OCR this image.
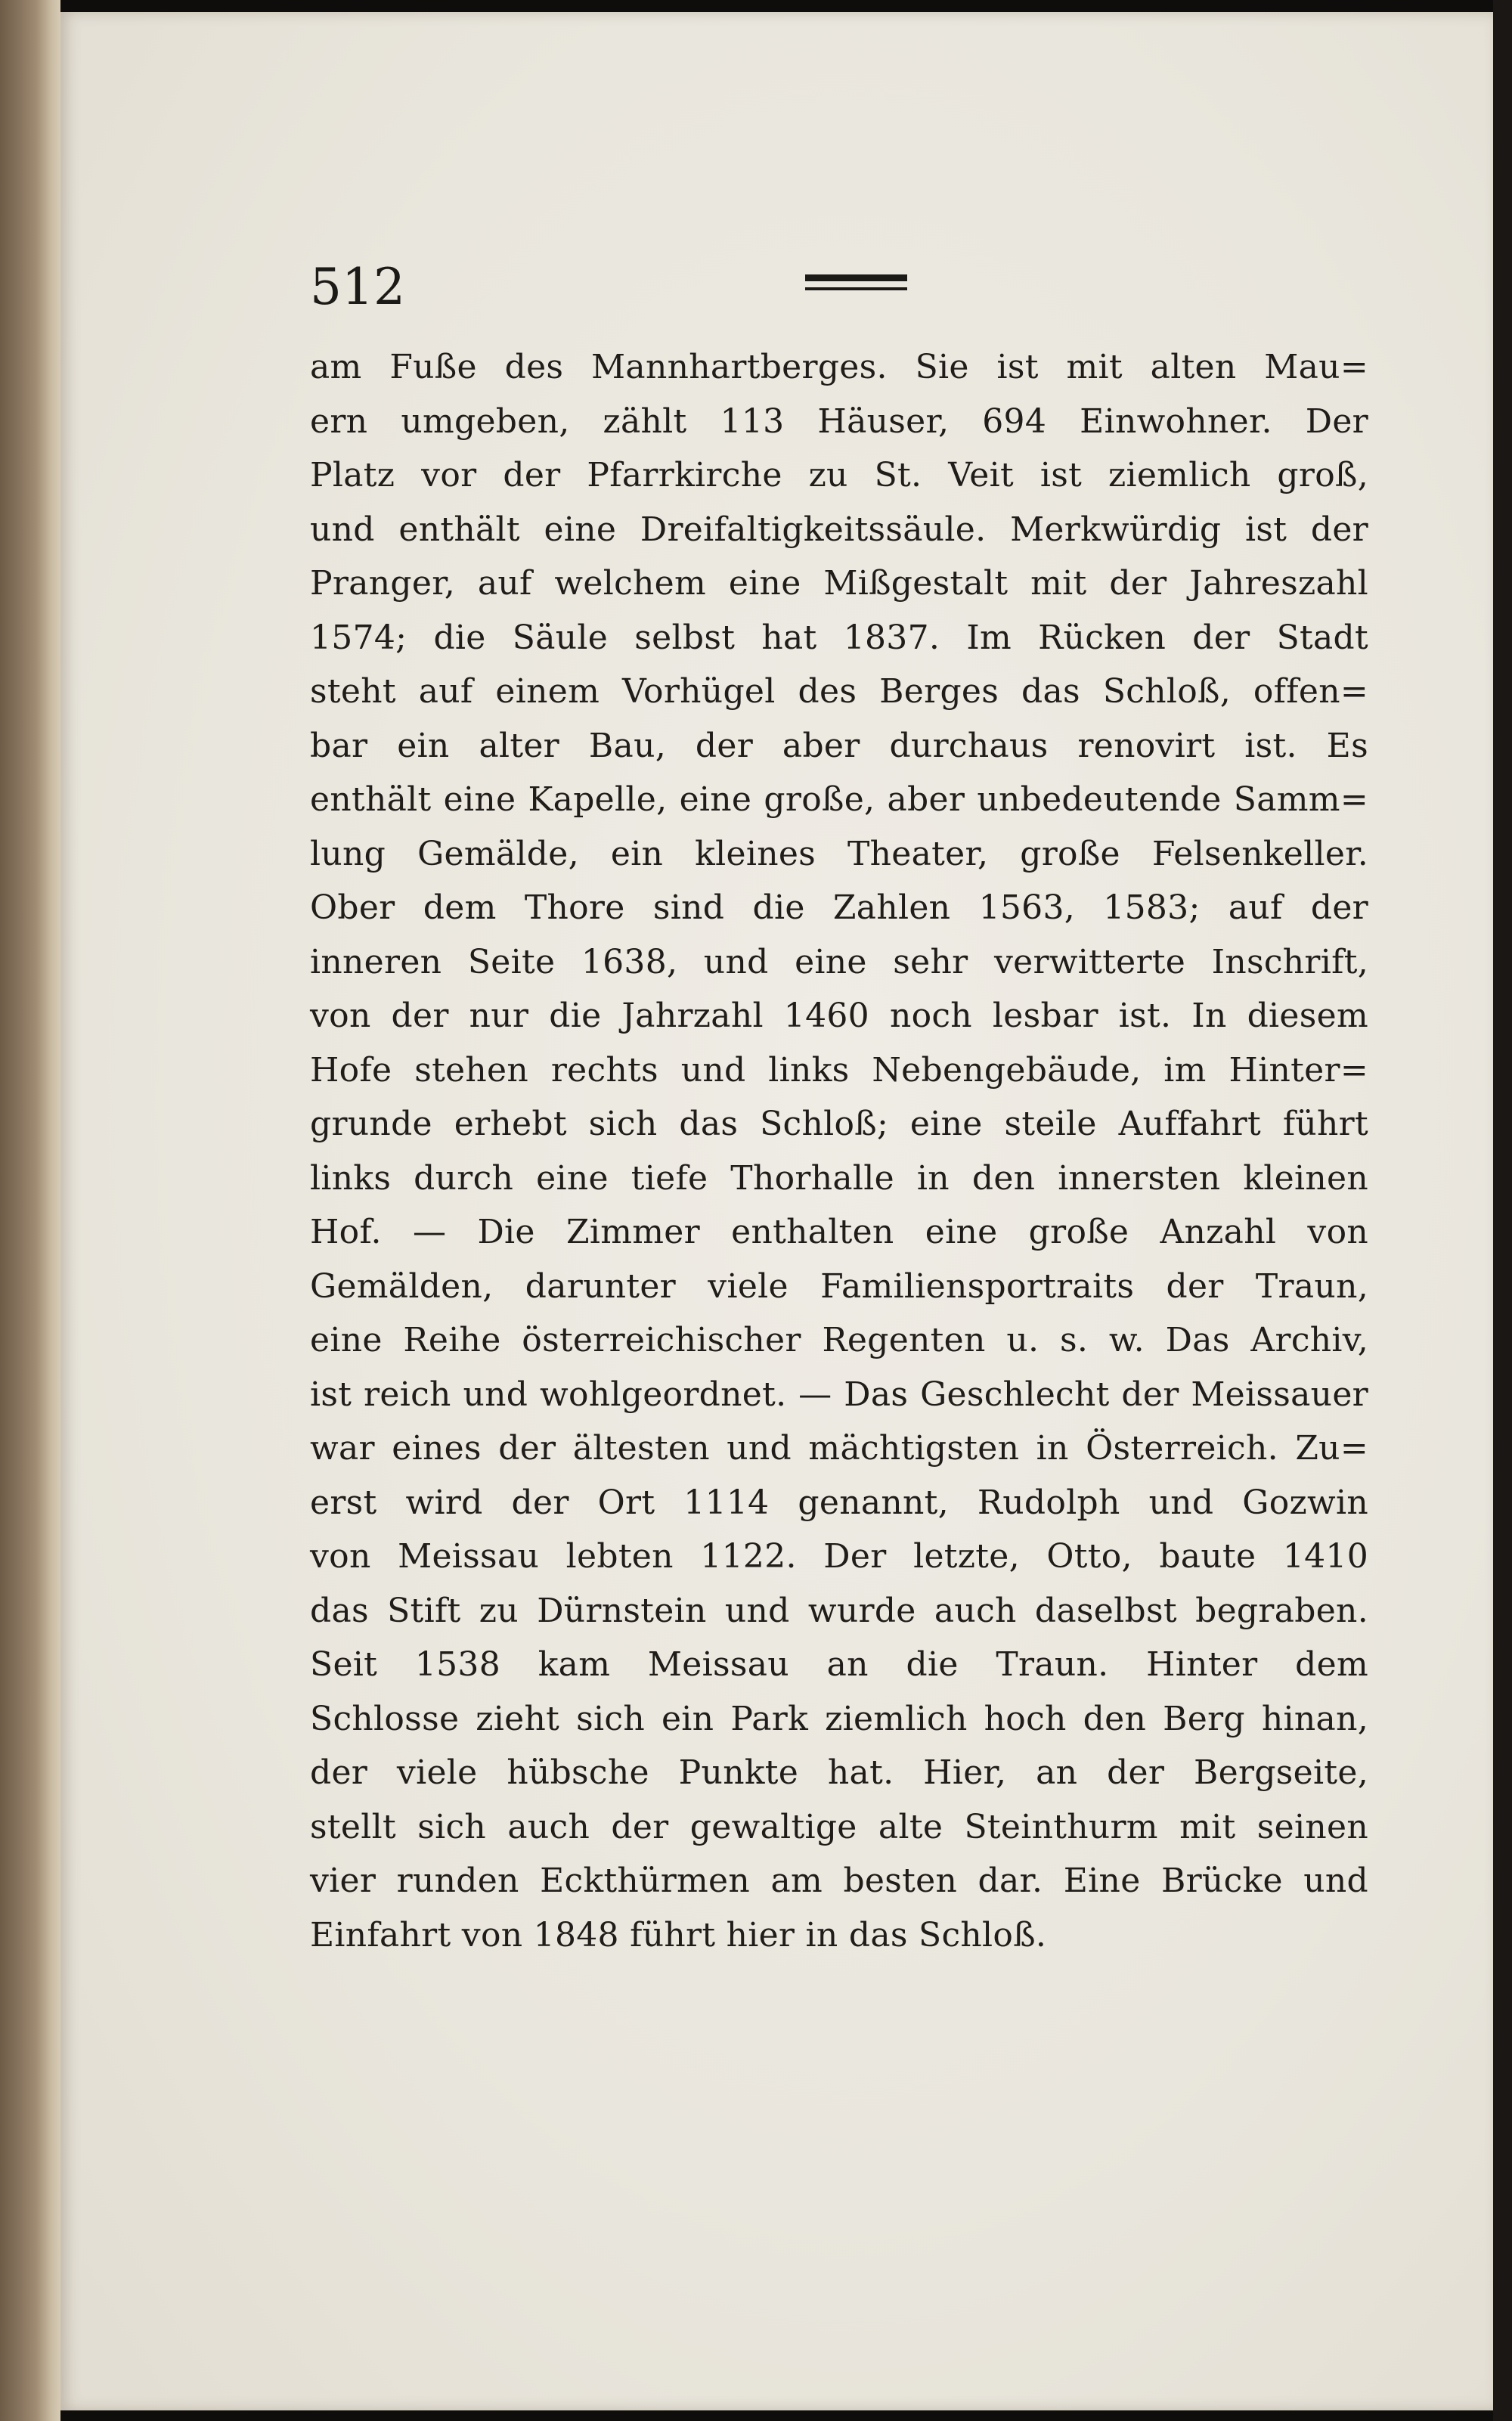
512
am Fuße des Mannhartberges. Sie ist mit alten Mau=
ern umgeben, zählt 113 Häuser, 694 Einwohner. Der
Platz vor der Pfarrkirche zu St. Veit ist ziemlich groß,
und enthält eine Dreifaltigkeitssäule. Merkwürdig ist der
Pranger, auf welchem eine Mißgestalt mit der Jahreszahl
1574; die Säule selbst hat 1837. Im Rücken der Stadt
steht auf einem Vorhügel des Berges das Schloß, offen=
bar ein alter Bau, der aber durchaus renovirt ist. Es
enthält eine Kapelle, eine große, aber unbedeutende Samm=
lung Gemälde, ein kleines Theater, große Felsenkeller.
Ober dem Thore sind die Zahlen 1563, 1583; auf der
inneren Seite 1638, und eine sehr verwitterte Inschrift,
von der nur die Jahrzahl 1460 noch lesbar ist. In diesem
Hofe stehen rechts und links Nebengebäude, im Hinter=
grunde erhebt sich das Schloß; eine steile Auffahrt führt
links durch eine tiefe Thorhalle in den innersten kleinen
Hof. — Die Zimmer enthalten eine große Anzahl von
Gemälden, darunter viele Familiensportraits der Traun,
eine Reihe österreichischer Regenten u. s. w. Das Archiv,
ist reich und wohlgeordnet. — Das Geschlecht der Meissauer
war eines der ältesten und mächtigsten in Österreich. Zu=
erst wird der Ort 1114 genannt, Rudolph und Gozwin
von Meissau lebten 1122. Der letzte, Otto, baute 1410
das Stift zu Dürnstein und wurde auch daselbst begraben.
Seit 1538 kam Meissau an die Traun. Hinter dem
Schlosse zieht sich ein Park ziemlich hoch den Berg hinan,
der viele hübsche Punkte hat. Hier, an der Bergseite,
stellt sich auch der gewaltige alte Steinthurm mit seinen
vier runden Eckthürmen am besten dar. Eine Brücke und
Einfahrt von 1848 führt hier in das Schloß.
